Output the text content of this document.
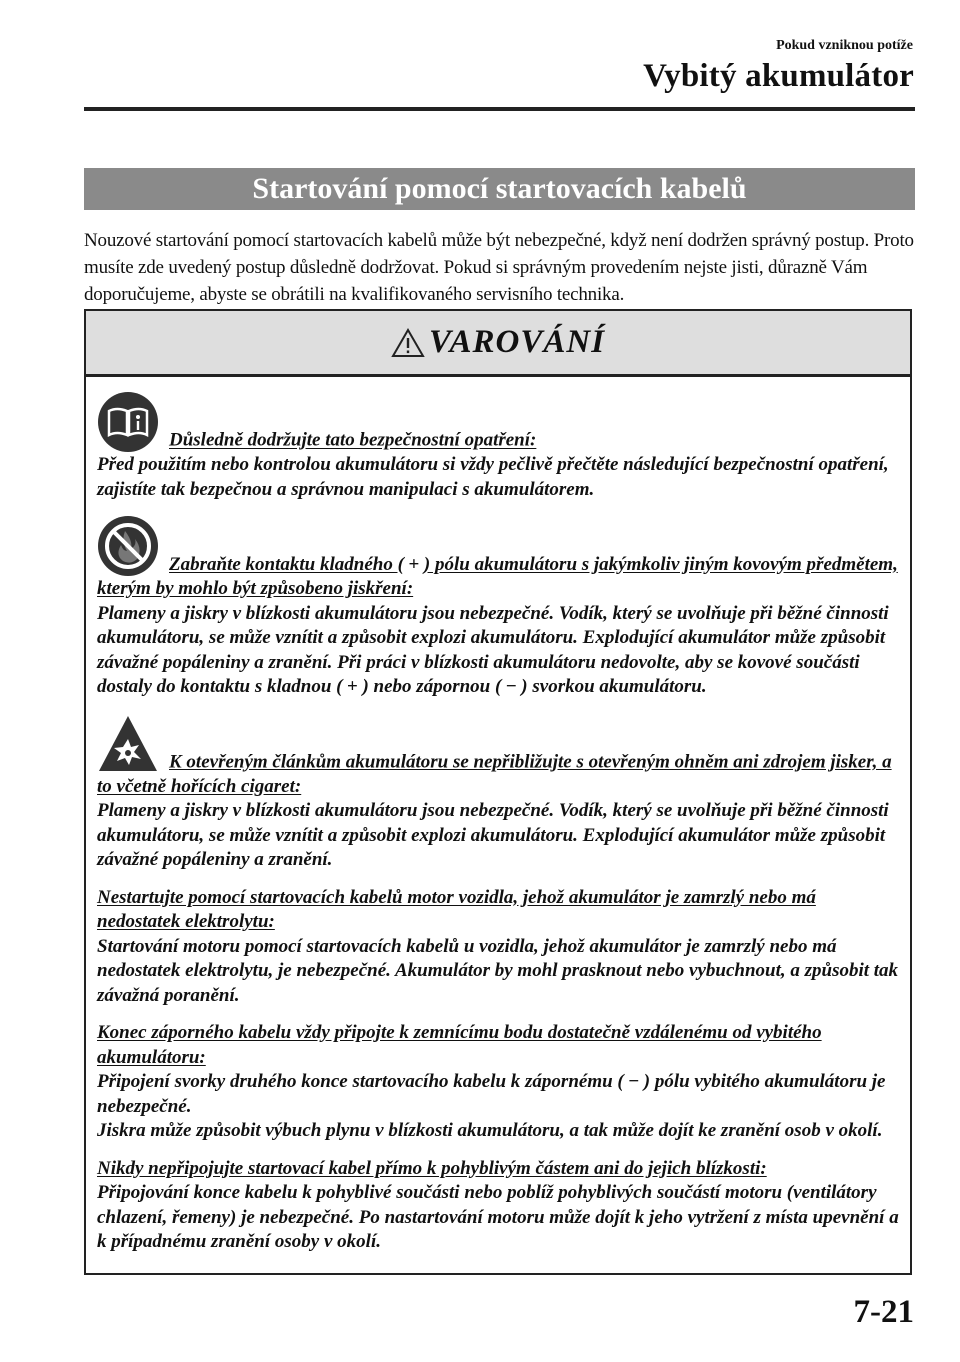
Pokud vzniknou potíže
Vybitý akumulátor
Startování pomocí startovacích kabelů

Nouzové startování pomocí startovacích kabelů může být nebezpečné, když není dodržen správný postup. Proto musíte zde uvedený postup důsledně dodržovat. Pokud si správným provedením nejste jisti, důrazně Vám doporučujeme, abyste se obrátili na kvalifikovaného servisního technika.

VAROVÁNÍ
Důsledně dodržujte tato bezpečnostní opatření:

Před použitím nebo kontrolou akumulátoru si vždy pečlivě přečtěte následující bezpečnostní opatření, zajistíte tak bezpečnou a správnou manipulaci s akumulátorem.

Zabraňte kontaktu kladného ( + ) pólu akumulátoru s jakýmkoliv jiným kovovým předmětem, kterým by mohlo být způsobeno jiskření:

Plameny a jiskry v blízkosti akumulátoru jsou nebezpečné. Vodík, který se uvolňuje při běžné činnosti akumulátoru, se může vznítit a způsobit explozi akumulátoru. Explodující akumulátor může způsobit závažné popáleniny a zranění. Při práci v blízkosti akumulátoru nedovolte, aby se kovové součásti dostaly do kontaktu s kladnou ( + ) nebo zápornou ( − ) svorkou akumulátoru.

K otevřeným článkům akumulátoru se nepřibližujte s otevřeným ohněm ani zdrojem jisker, a to včetně hořících cigaret:

Plameny a jiskry v blízkosti akumulátoru jsou nebezpečné. Vodík, který se uvolňuje při běžné činnosti akumulátoru, se může vznítit a způsobit explozi akumulátoru. Explodující akumulátor může způsobit závažné popáleniny a zranění.

Nestartujte pomocí startovacích kabelů motor vozidla, jehož akumulátor je zamrzlý nebo má nedostatek elektrolytu:

Startování motoru pomocí startovacích kabelů u vozidla, jehož akumulátor je zamrzlý nebo má nedostatek elektrolytu, je nebezpečné. Akumulátor by mohl prasknout nebo vybuchnout, a způsobit tak závažná poranění.

Konec záporného kabelu vždy připojte k zemnícímu bodu dostatečně vzdálenému od vybitého akumulátoru:

Připojení svorky druhého konce startovacího kabelu k zápornému ( − ) pólu vybitého akumulátoru je nebezpečné.

Jiskra může způsobit výbuch plynu v blízkosti akumulátoru, a tak může dojít ke zranění osob v okolí.

Nikdy nepřipojujte startovací kabel přímo k pohyblivým částem ani do jejich blízkosti:

Připojování konce kabelu k pohyblivé součásti nebo poblíž pohyblivých součástí motoru (ventilátory chlazení, řemeny) je nebezpečné. Po nastartování motoru může dojít k jeho vytržení z místa upevnění a k případnému zranění osoby v okolí.

7-21
